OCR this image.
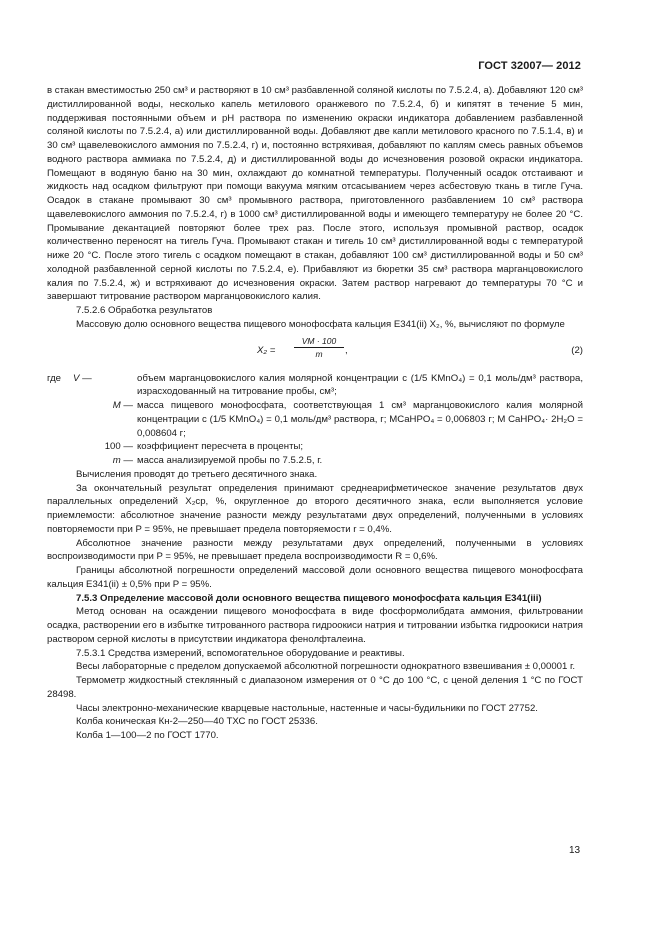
ГОСТ 32007— 2012

в стакан вместимостью 250 см³ и растворяют в 10 см³ разбавленной соляной кислоты по 7.5.2.4, а). Добавляют 120 см³ дистиллированной воды, несколько капель метилового оранжевого по 7.5.2.4, б) и кипятят в течение 5 мин, поддерживая постоянными объем и pH раствора по изменению окраски индикатора добавлением разбавленной соляной кислоты по 7.5.2.4, а) или дистиллированной воды. Добавляют две капли метилового красного по 7.5.1.4, в) и 30 см³ щавелевокислого аммония по 7.5.2.4, г) и, постоянно встряхивая, добавляют по каплям смесь равных объемов водного раствора аммиака по 7.5.2.4, д) и дистиллированной воды до исчезновения розовой окраски индикатора. Помещают в водяную баню на 30 мин, охлаждают до комнатной температуры. Полученный осадок отстаивают и жидкость над осадком фильтруют при помощи вакуума мягким отсасыванием через асбестовую ткань в тигле Гуча. Осадок в стакане промывают 30 см³ промывного раствора, приготовленного разбавлением 10 см³ раствора щавелевокислого аммония по 7.5.2.4, г) в 1000 см³ дистиллированной воды и имеющего температуру не более 20 °С. Промывание декантацией повторяют более трех раз. После этого, используя промывной раствор, осадок количественно переносят на тигель Гуча. Промывают стакан и тигель 10 см³ дистиллированной воды с температурой ниже 20 °С. После этого тигель с осадком помещают в стакан, добавляют 100 см³ дистиллированной воды и 50 см³ холодной разбавленной серной кислоты по 7.5.2.4, е). Прибавляют из бюретки 35 см³ раствора марганцовокислого калия по 7.5.2.4, ж) и встряхивают до исчезновения окраски. Затем раствор нагревают до температуры 70 °С и завершают титрование раствором марганцовокислого калия.

7.5.2.6 Обработка результатов

Массовую долю основного вещества пищевого монофосфата кальция Е341(ii) X₂, %, вычисляют по формуле

$X_2 = \frac{VM \cdot 100}{m}$ ,	(2)
где	V —	объем марганцовокислого калия молярной концентрации с (1/5 KMnO₄) = 0,1 моль/дм³ раствора, израсходованный на титрование пробы, см³;
M — масса пищевого монофосфата, соответствующая 1 см³ марганцовокислого калия молярной концентрации с (1/5 KMnO₄) = 0,1 моль/дм³ раствора, г; MCaHPO₄ = 0,006803 г; M CaHPO₄· 2H₂O = 0,008604 г;
100 — коэффициент пересчета в проценты;
m — масса анализируемой пробы по 7.5.2.5, г.

Вычисления проводят до третьего десятичного знака.

За окончательный результат определения принимают среднеарифметическое значение результатов двух параллельных определений X₂ср, %, округленное до второго десятичного знака, если выполняется условие приемлемости: абсолютное значение разности между результатами двух определений, полученными в условиях повторяемости при P = 95%, не превышает предела повторяемости r = 0,4%.

Абсолютное значение разности между результатами двух определений, полученными в условиях воспроизводимости при P = 95%, не превышает предела воспроизводимости R = 0,6%.

Границы абсолютной погрешности определений массовой доли основного вещества пищевого монофосфата кальция Е341(ii) ± 0,5% при P = 95%.

7.5.3 Определение массовой доли основного вещества пищевого монофосфата кальция Е341(iii)

Метод основан на осаждении пищевого монофосфата в виде фосформолибдата аммония, фильтровании осадка, растворении его в избытке титрованного раствора гидроокиси натрия и титровании избытка гидроокиси натрия раствором серной кислоты в присутствии индикатора фенолфталеина.

7.5.3.1 Средства измерений, вспомогательное оборудование и реактивы.

Весы лабораторные с пределом допускаемой абсолютной погрешности однократного взвешивания ± 0,00001 г.

Термометр жидкостный стеклянный с диапазоном измерения от 0 °С до 100 °С, с ценой деления 1 °С по ГОСТ 28498.

Часы электронно-механические кварцевые настольные, настенные и часы-будильники по ГОСТ 27752.

Колба коническая Кн-2—250—40 ТХС по ГОСТ 25336.

Колба 1—100—2 по ГОСТ 1770.

13
